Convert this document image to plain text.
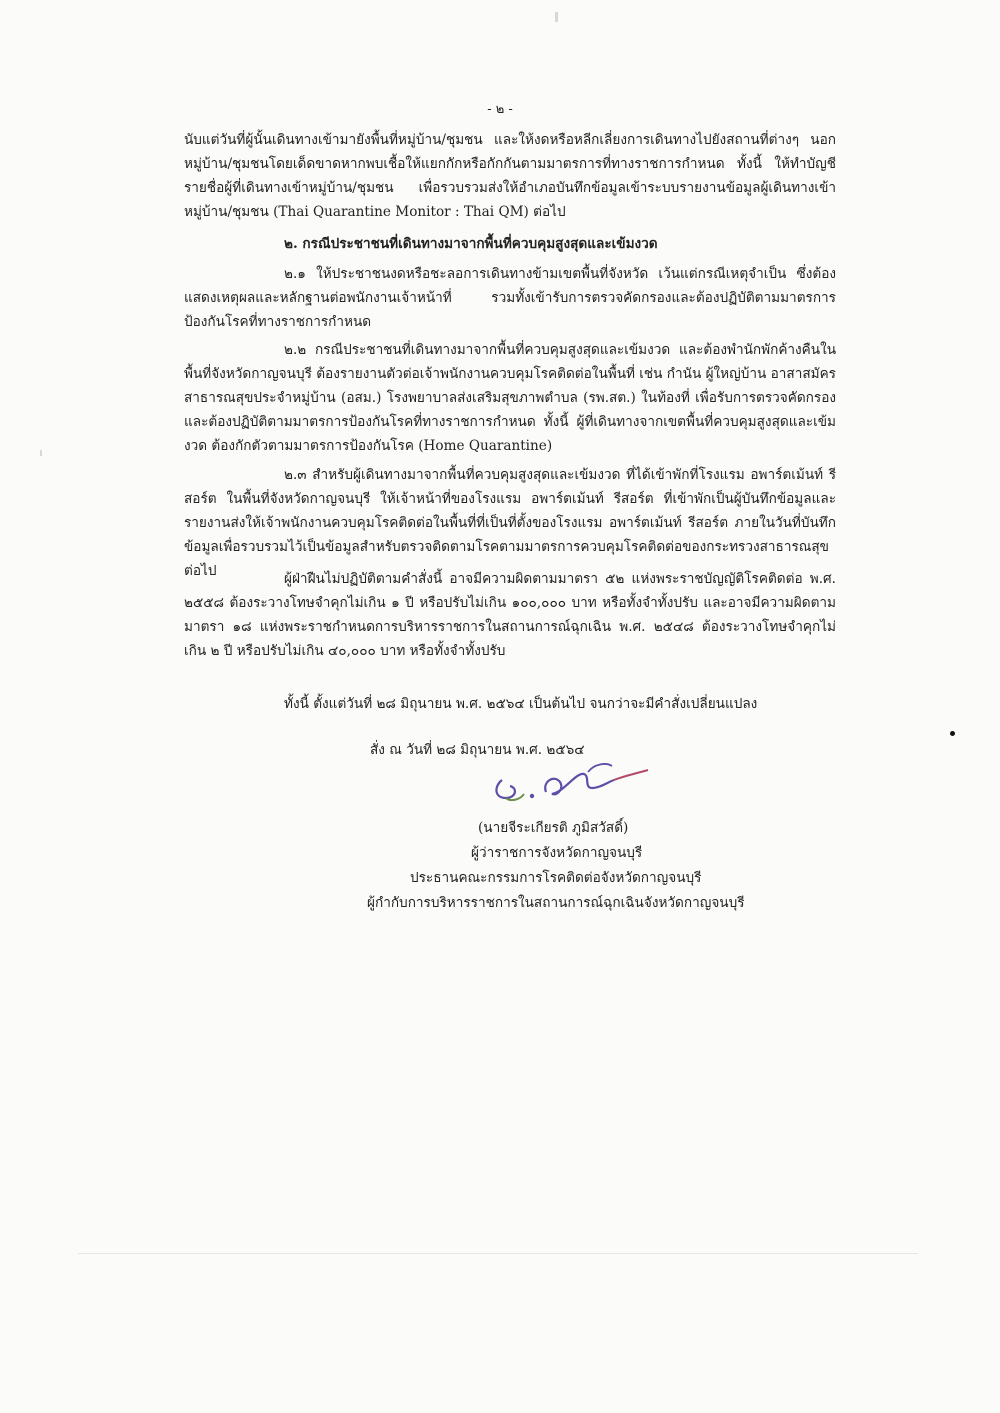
- ๒ -
นับแต่วันที่ผู้นั้นเดินทางเข้ามายังพื้นที่หมู่บ้าน/ชุมชน และให้งดหรือหลีกเลี่ยงการเดินทางไปยังสถานที่ต่างๆ นอกหมู่บ้าน/ชุมชนโดยเด็ดขาดหากพบเชื้อให้แยกกักหรือกักกันตามมาตรการที่ทางราชการกำหนด ทั้งนี้ ให้ทำบัญชีรายชื่อผู้ที่เดินทางเข้าหมู่บ้าน/ชุมชน เพื่อรวบรวมส่งให้อำเภอบันทึกข้อมูลเข้าระบบรายงานข้อมูลผู้เดินทางเข้าหมู่บ้าน/ชุมชน (Thai Quarantine Monitor : Thai QM) ต่อไป
๒. กรณีประชาชนที่เดินทางมาจากพื้นที่ควบคุมสูงสุดและเข้มงวด
๒.๑ ให้ประชาชนงดหรือชะลอการเดินทางข้ามเขตพื้นที่จังหวัด เว้นแต่กรณีเหตุจำเป็น ซึ่งต้องแสดงเหตุผลและหลักฐานต่อพนักงานเจ้าหน้าที่ รวมทั้งเข้ารับการตรวจคัดกรองและต้องปฏิบัติตามมาตรการป้องกันโรคที่ทางราชการกำหนด
๒.๒ กรณีประชาชนที่เดินทางมาจากพื้นที่ควบคุมสูงสุดและเข้มงวด และต้องพำนักพักค้างคืนในพื้นที่จังหวัดกาญจนบุรี ต้องรายงานตัวต่อเจ้าพนักงานควบคุมโรคติดต่อในพื้นที่ เช่น กำนัน ผู้ใหญ่บ้าน อาสาสมัครสาธารณสุขประจำหมู่บ้าน (อสม.) โรงพยาบาลส่งเสริมสุขภาพตำบล (รพ.สต.) ในท้องที่ เพื่อรับการตรวจคัดกรองและต้องปฏิบัติตามมาตรการป้องกันโรคที่ทางราชการกำหนด ทั้งนี้ ผู้ที่เดินทางจากเขตพื้นที่ควบคุมสูงสุดและเข้มงวด ต้องกักตัวตามมาตรการป้องกันโรค (Home Quarantine)
๒.๓ สำหรับผู้เดินทางมาจากพื้นที่ควบคุมสูงสุดและเข้มงวด ที่ได้เข้าพักที่โรงแรม อพาร์ตเม้นท์ รีสอร์ต ในพื้นที่จังหวัดกาญจนบุรี ให้เจ้าหน้าที่ของโรงแรม อพาร์ตเม้นท์ รีสอร์ต ที่เข้าพักเป็นผู้บันทึกข้อมูลและรายงานส่งให้เจ้าพนักงานควบคุมโรคติดต่อในพื้นที่ที่เป็นที่ตั้งของโรงแรม อพาร์ตเม้นท์ รีสอร์ต ภายในวันที่บันทึกข้อมูลเพื่อรวบรวมไว้เป็นข้อมูลสำหรับตรวจติดตามโรคตามมาตรการควบคุมโรคติดต่อของกระทรวงสาธารณสุขต่อไป	ผู้ฝ่าฝืนไม่ปฏิบัติตามคำสั่งนี้ อาจมีความผิดตามมาตรา ๕๒ แห่งพระราชบัญญัติโรคติดต่อ พ.ศ. ๒๕๕๘ ต้องระวางโทษจำคุกไม่เกิน ๑ ปี หรือปรับไม่เกิน ๑๐๐,๐๐๐ บาท หรือทั้งจำทั้งปรับ และอาจมีความผิดตามมาตรา ๑๘ แห่งพระราชกำหนดการบริหารราชการในสถานการณ์ฉุกเฉิน พ.ศ. ๒๕๔๘ ต้องระวางโทษจำคุกไม่เกิน ๒ ปี หรือปรับไม่เกิน ๔๐,๐๐๐ บาท หรือทั้งจำทั้งปรับ
ทั้งนี้ ตั้งแต่วันที่ ๒๘ มิถุนายน พ.ศ. ๒๕๖๔ เป็นต้นไป จนกว่าจะมีคำสั่งเปลี่ยนแปลง
สั่ง ณ วันที่ ๒๘ มิถุนายน พ.ศ. ๒๕๖๔
(นายจีระเกียรติ ภูมิสวัสดิ์)
ผู้ว่าราชการจังหวัดกาญจนบุรี
ประธานคณะกรรมการโรคติดต่อจังหวัดกาญจนบุรี
ผู้กำกับการบริหารราชการในสถานการณ์ฉุกเฉินจังหวัดกาญจนบุรี
